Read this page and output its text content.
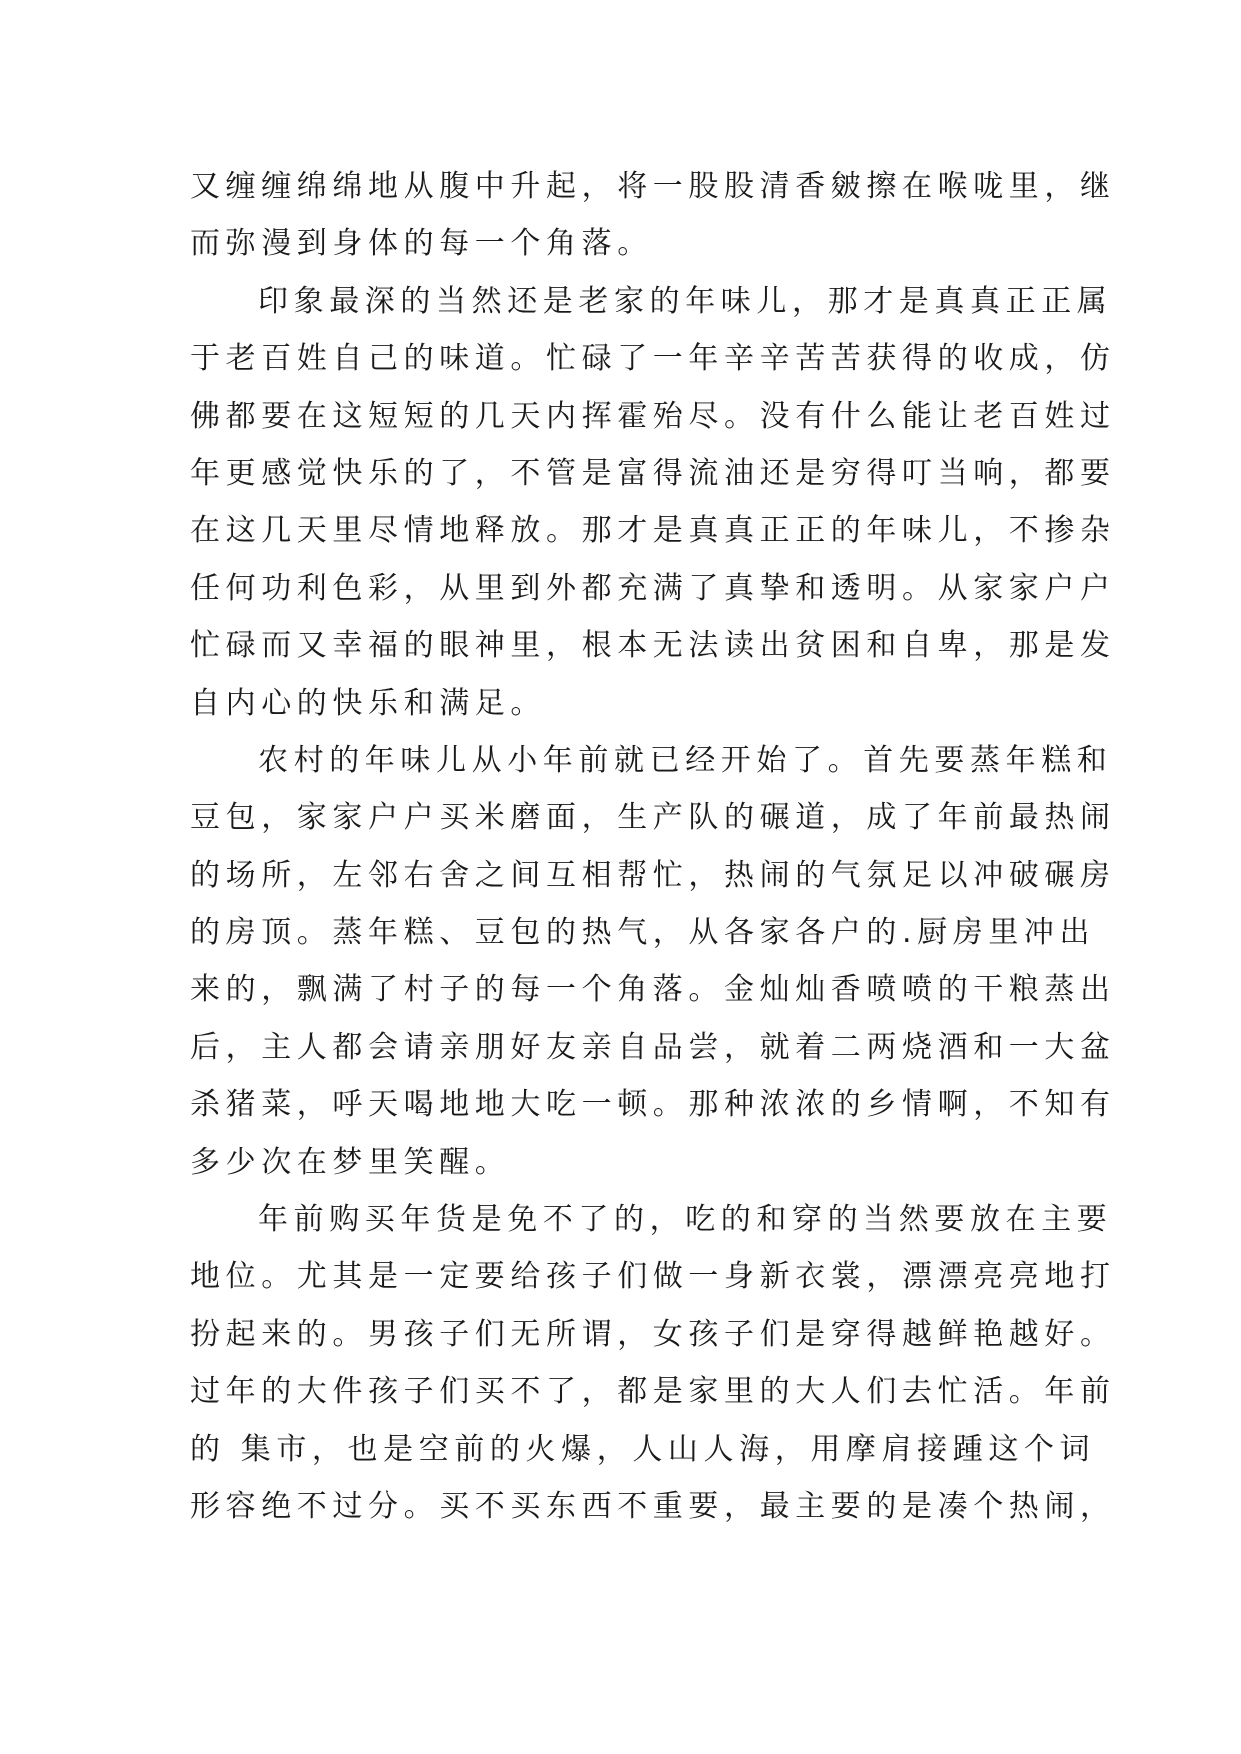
又缠缠绵绵地从腹中升起，将一股股清香皴擦在喉咙里，继
而弥漫到身体的每一个角落。
印象最深的当然还是老家的年味儿，那才是真真正正属
于老百姓自己的味道。忙碌了一年辛辛苦苦获得的收成，仿
佛都要在这短短的几天内挥霍殆尽。没有什么能让老百姓过
年更感觉快乐的了，不管是富得流油还是穷得叮当响，都要
在这几天里尽情地释放。那才是真真正正的年味儿，不掺杂
任何功利色彩，从里到外都充满了真挚和透明。从家家户户
忙碌而又幸福的眼神里，根本无法读出贫困和自卑，那是发
自内心的快乐和满足。
农村的年味儿从小年前就已经开始了。首先要蒸年糕和
豆包，家家户户买米磨面，生产队的碾道，成了年前最热闹
的场所，左邻右舍之间互相帮忙，热闹的气氛足以冲破碾房
的房顶。蒸年糕、豆包的热气，从各家各户的.厨房里冲出
来的，飘满了村子的每一个角落。金灿灿香喷喷的干粮蒸出
后，主人都会请亲朋好友亲自品尝，就着二两烧酒和一大盆
杀猪菜，呼天喝地地大吃一顿。那种浓浓的乡情啊，不知有
多少次在梦里笑醒。
年前购买年货是免不了的，吃的和穿的当然要放在主要
地位。尤其是一定要给孩子们做一身新衣裳，漂漂亮亮地打
扮起来的。男孩子们无所谓，女孩子们是穿得越鲜艳越好。
过年的大件孩子们买不了，都是家里的大人们去忙活。年前
的 集市，也是空前的火爆，人山人海，用摩肩接踵这个词
形容绝不过分。买不买东西不重要，最主要的是凑个热闹，
